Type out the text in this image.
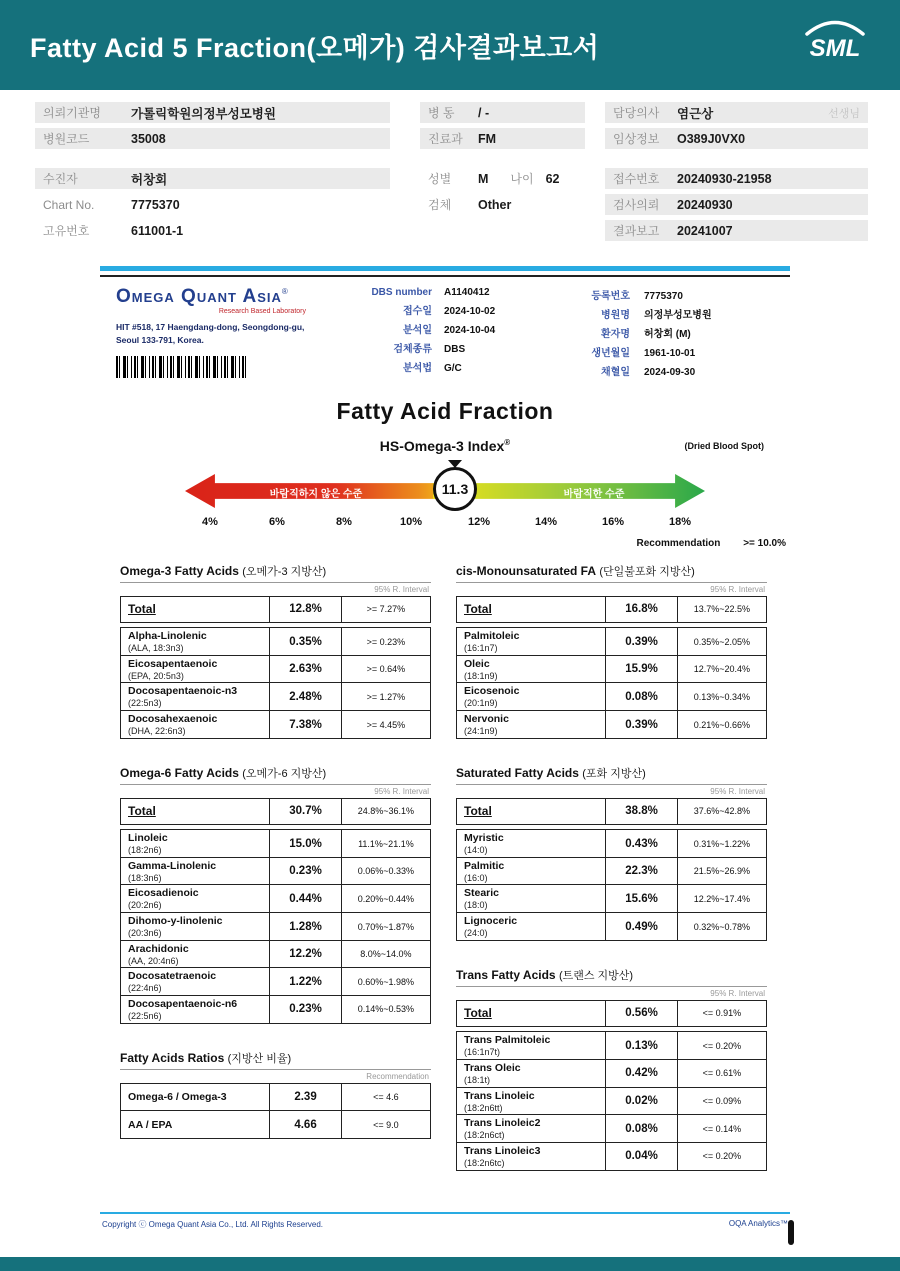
Fatty Acid 5 Fraction(오메가) 검사결과보고서	SML
의뢰기관명	가톨릭학원의정부성모병원
병원코드	35008
수진자	허창회
Chart No.	7775370
고유번호	611001-1
병 동	/ -
진료과	FM
성별	M 나이 62
검체	Other
담당의사	염근상	선생님
임상정보	O389J0VX0
접수번호	20240930-21958
검사의뢰	20240930
결과보고	20241007
Omega Quant Asia®
Research Based Laboratory
HIT #518, 17 Haengdang-dong, Seongdong-gu,
Seoul 133-791, Korea.
DBS number A1140412
접수일 2024-10-02
분석일 2024-10-04
검체종류 DBS
분석법 G/C
등록번호 7775370
병원명 의정부성모병원
환자명 허창회 (M)
생년월일 1961-10-01
채혈일 2024-09-30
Fatty Acid Fraction
HS-Omega-3 Index®	(Dried Blood Spot)
바람직하지 않은 수준	바람직한 수준
11.3
4%	6%	8%	10%	12%	14%	16%	18%
Recommendation >= 10.0%
Omega-3 Fatty Acids (오메가-3 지방산)
95% R. Interval
Total	12.8%	>= 7.27%
Alpha-Linolenic
(ALA, 18:3n3)
0.35%	>= 0.23%
Eicosapentaenoic
(EPA, 20:5n3)
2.63%	>= 0.64%
Docosapentaenoic-n3
(22:5n3)
2.48%	>= 1.27%
Docosahexaenoic
(DHA, 22:6n3)
7.38%	>= 4.45%
Omega-6 Fatty Acids (오메가-6 지방산)
95% R. Interval
Total	30.7%	24.8%~36.1%
Linoleic
(18:2n6)
15.0%	11.1%~21.1%
Gamma-Linolenic
(18:3n6)
0.23%	0.06%~0.33%
Eicosadienoic
(20:2n6)
0.44%	0.20%~0.44%
Dihomo-y-linolenic
(20:3n6)
1.28%	0.70%~1.87%
Arachidonic
(AA, 20:4n6)
12.2%	8.0%~14.0%
Docosatetraenoic
(22:4n6)
1.22%	0.60%~1.98%
Docosapentaenoic-n6
(22:5n6)
0.23%	0.14%~0.53%
Fatty Acids Ratios (지방산 비율)
Recommendation
Omega-6 / Omega-3	2.39	<= 4.6
AA / EPA	4.66	<= 9.0
cis-Monounsaturated FA (단일불포화 지방산)
95% R. Interval
Total	16.8%	13.7%~22.5%
Palmitoleic
(16:1n7)
0.39%	0.35%~2.05%
Oleic
(18:1n9)
15.9%	12.7%~20.4%
Eicosenoic
(20:1n9)
0.08%	0.13%~0.34%
Nervonic
(24:1n9)
0.39%	0.21%~0.66%
Saturated Fatty Acids (포화 지방산)
95% R. Interval
Total	38.8%	37.6%~42.8%
Myristic
(14:0)
0.43%	0.31%~1.22%
Palmitic
(16:0)
22.3%	21.5%~26.9%
Stearic
(18:0)
15.6%	12.2%~17.4%
Lignoceric
(24:0)
0.49%	0.32%~0.78%
Trans Fatty Acids (트랜스 지방산)
95% R. Interval
Total	0.56%	<= 0.91%
Trans Palmitoleic
(16:1n7t)
0.13%	<= 0.20%
Trans Oleic
(18:1t)
0.42%	<= 0.61%
Trans Linoleic
(18:2n6tt)
0.02%	<= 0.09%
Trans Linoleic2
(18:2n6ct)
0.08%	<= 0.14%
Trans Linoleic3
(18:2n6tc)
0.04%	<= 0.20%
Copyright ⓒ Omega Quant Asia Co., Ltd. All Rights Reserved.	OQA Analytics™
